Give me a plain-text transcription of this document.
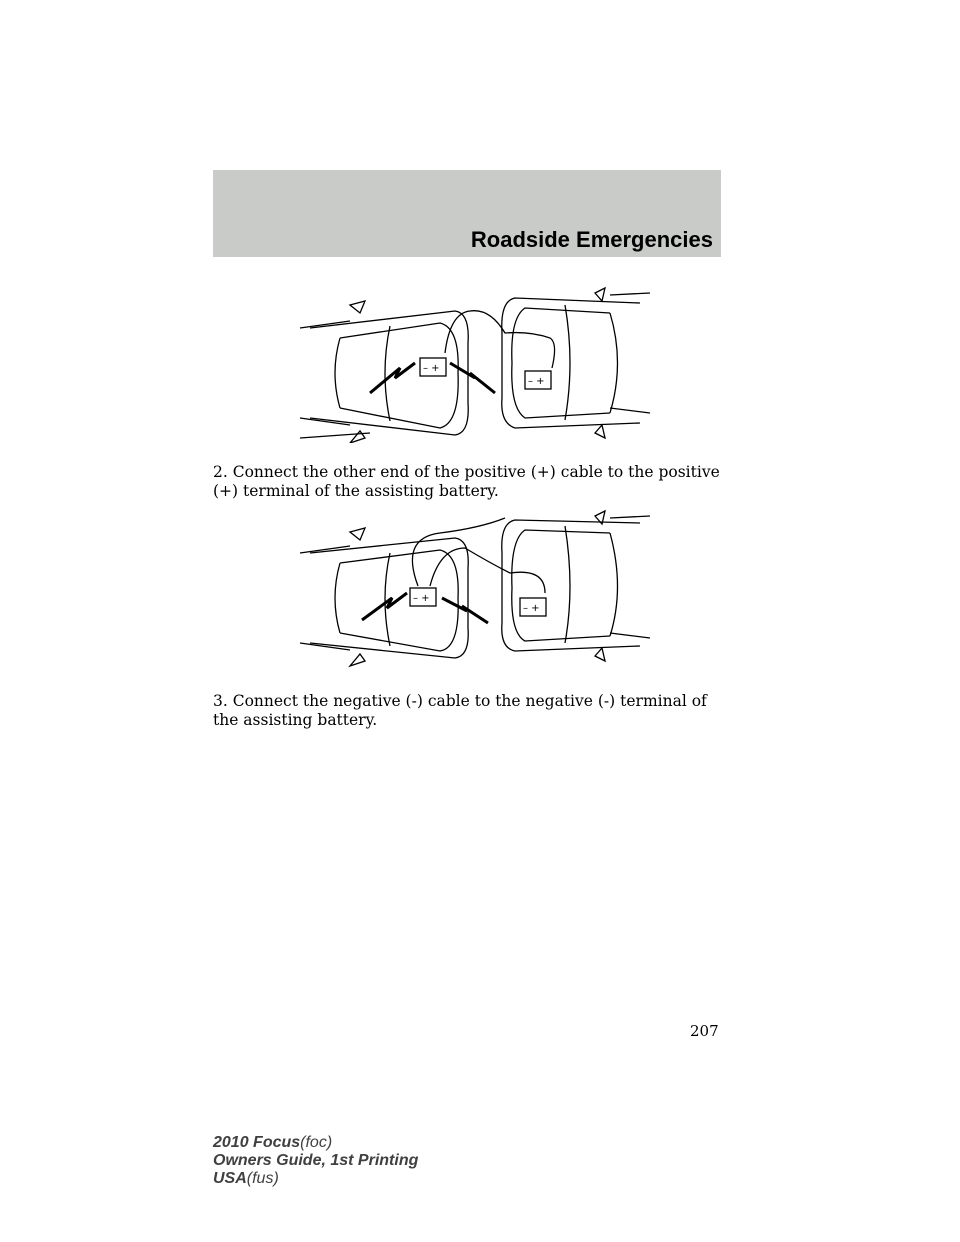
Roadside Emergencies
– +
– +
2. Connect the other end of the positive (+) cable to the positive (+) terminal of the assisting battery.
– +
– +
3. Connect the negative (-) cable to the negative (-) terminal of the assisting battery.
207
2010 Focus(foc)
Owners Guide, 1st Printing
USA(fus)
